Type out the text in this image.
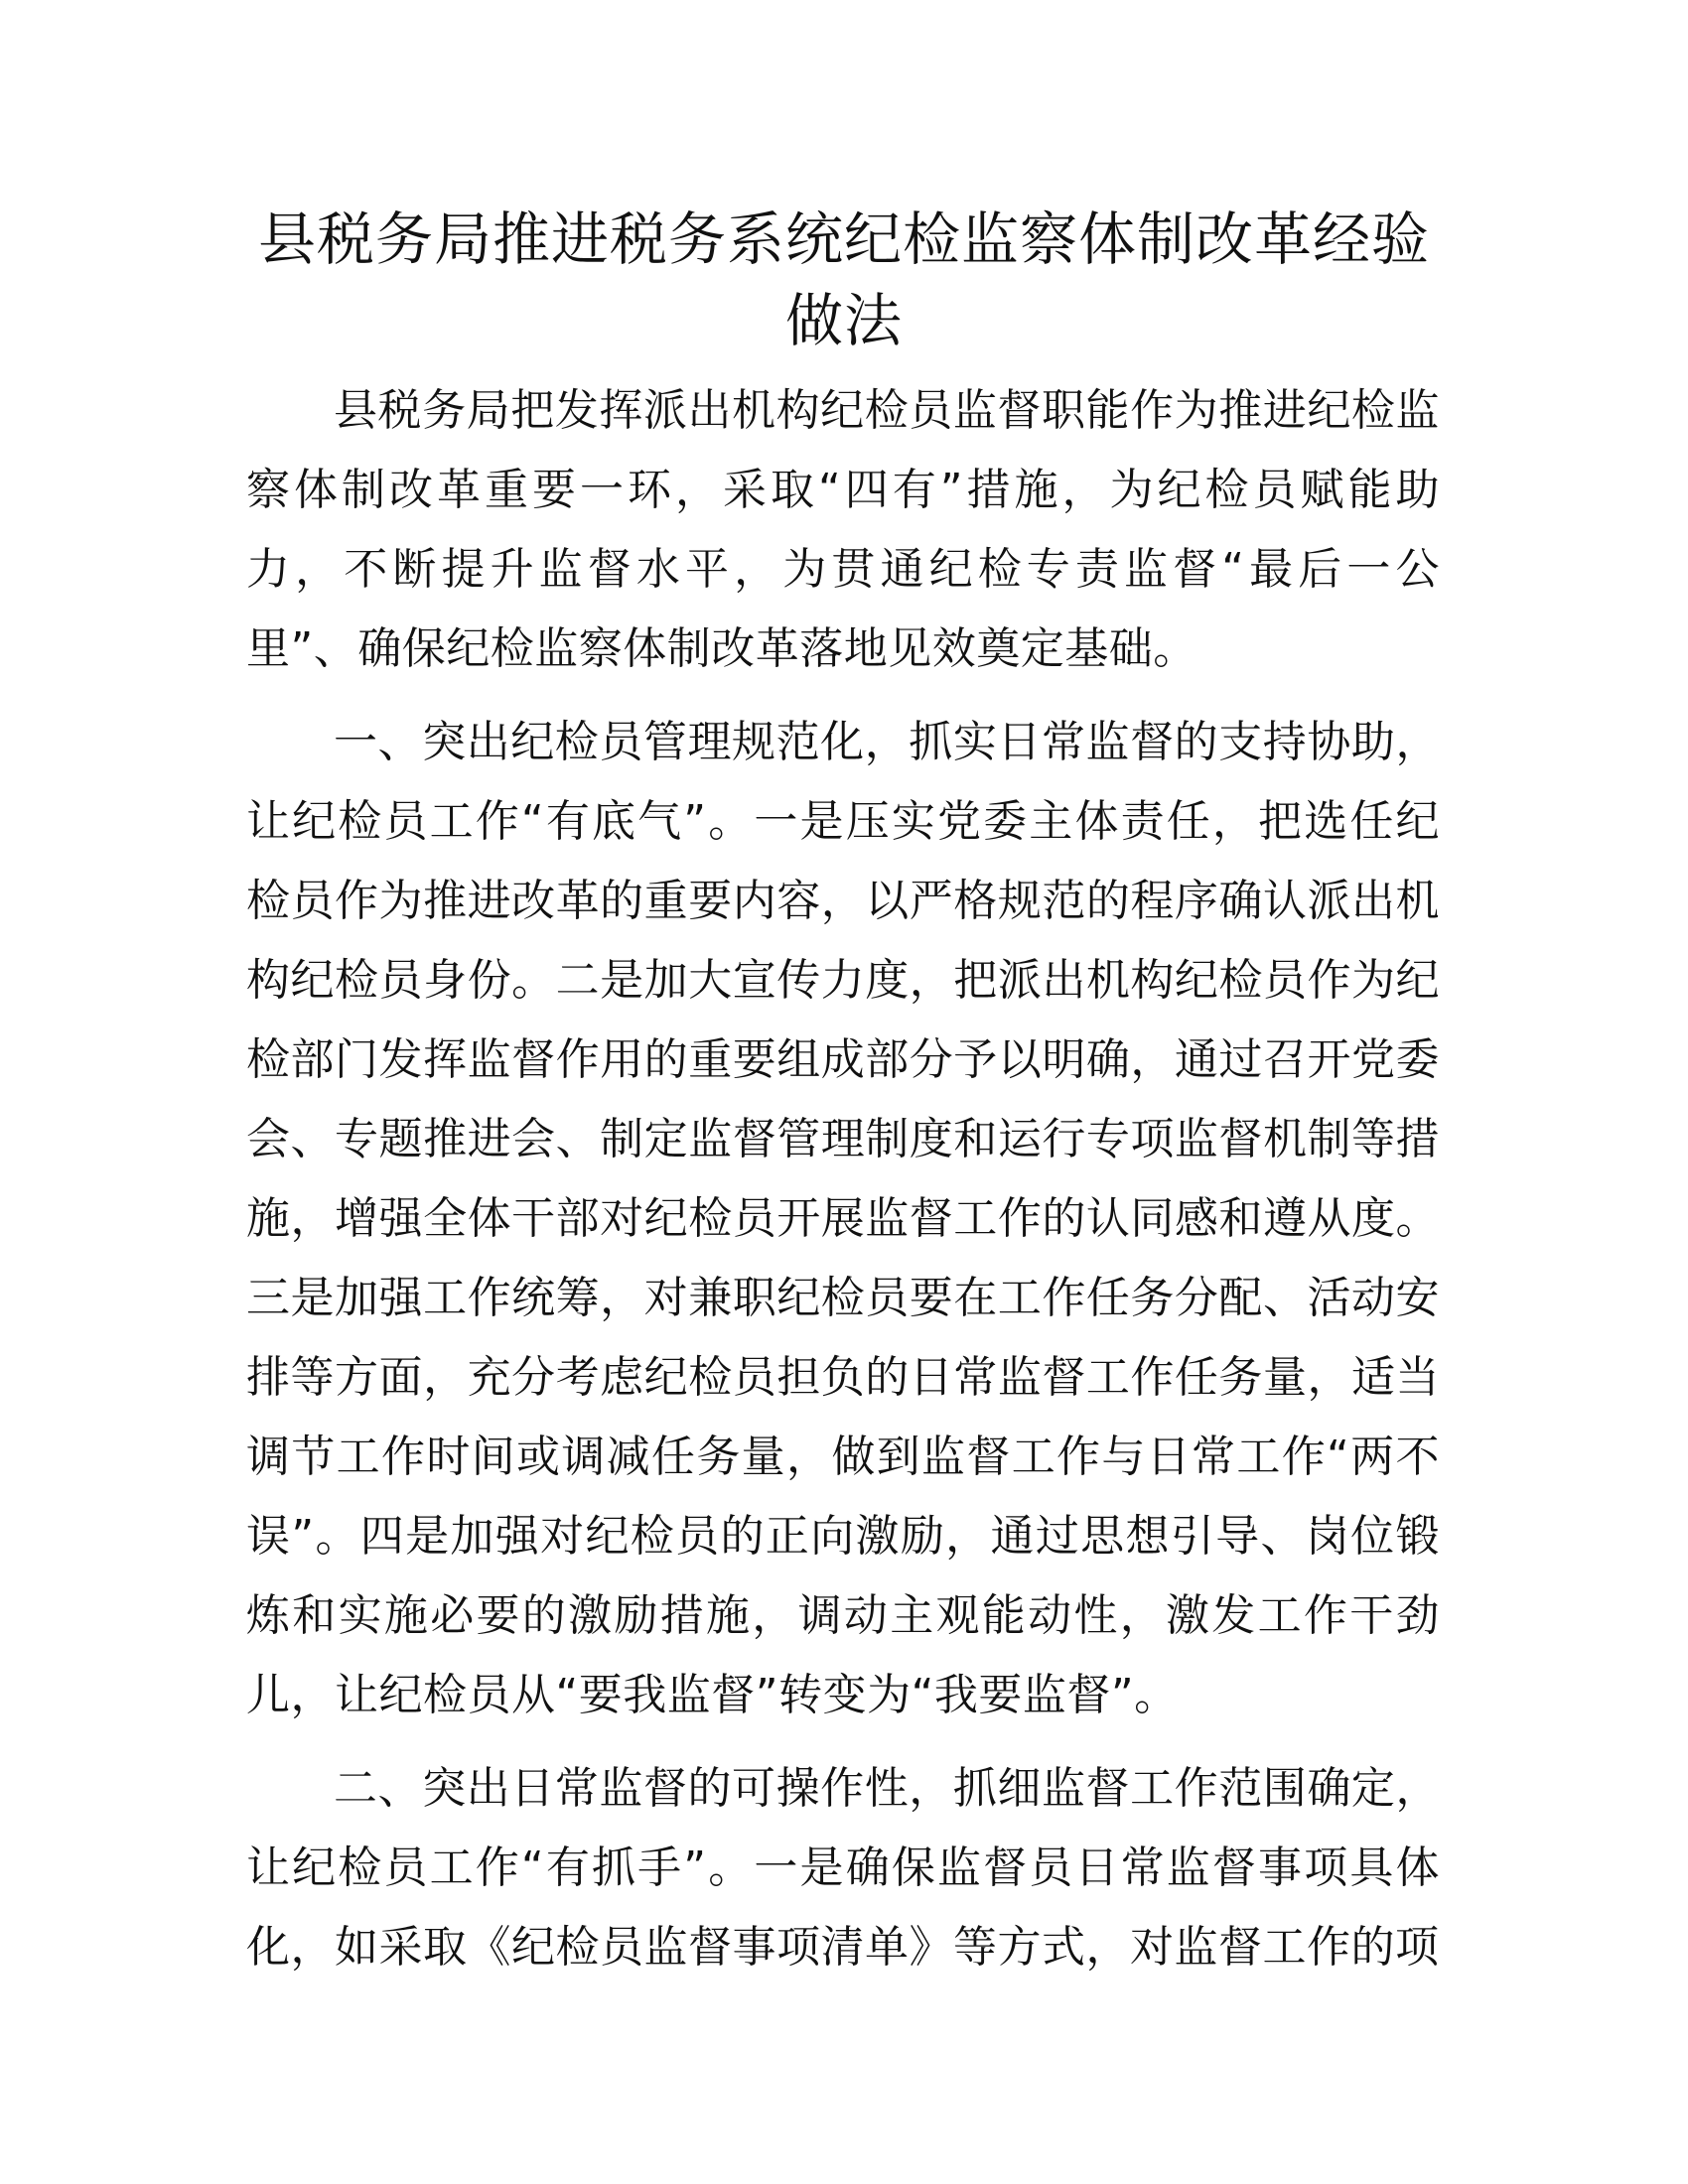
县税务局推进税务系统纪检监察体制改革经验做法

县税务局把发挥派出机构纪检员监督职能作为推进纪检监察体制改革重要一环，采取“四有”措施，为纪检员赋能助力，不断提升监督水平，为贯通纪检专责监督“最后一公里”、确保纪检监察体制改革落地见效奠定基础。

一、突出纪检员管理规范化，抓实日常监督的支持协助，让纪检员工作“有底气”。一是压实党委主体责任，把选任纪检员作为推进改革的重要内容，以严格规范的程序确认派出机构纪检员身份。二是加大宣传力度，把派出机构纪检员作为纪检部门发挥监督作用的重要组成部分予以明确，通过召开党委会、专题推进会、制定监督管理制度和运行专项监督机制等措施，增强全体干部对纪检员开展监督工作的认同感和遵从度。三是加强工作统筹，对兼职纪检员要在工作任务分配、活动安排等方面，充分考虑纪检员担负的日常监督工作任务量，适当调节工作时间或调减任务量，做到监督工作与日常工作“两不误”。四是加强对纪检员的正向激励，通过思想引导、岗位锻炼和实施必要的激励措施，调动主观能动性，激发工作干劲儿，让纪检员从“要我监督”转变为“我要监督”。

二、突出日常监督的可操作性，抓细监督工作范围确定，让纪检员工作“有抓手”。一是确保监督员日常监督事项具体化，如采取《纪检员监督事项清单》等方式，对监督工作的项
